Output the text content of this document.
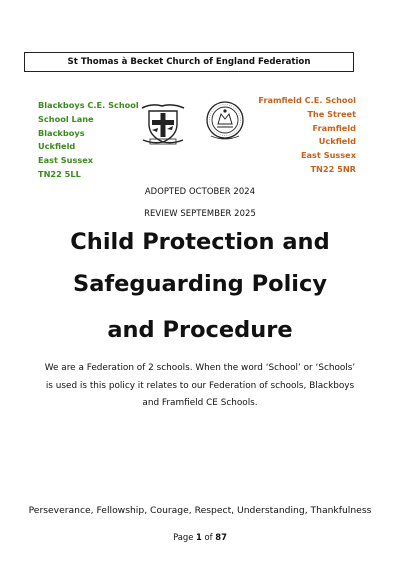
St Thomas à Becket Church of England Federation
Blackboys C.E. School
School Lane
Blackboys
Uckfield
East Sussex
TN22 5LL
Framfield C.E. School
The Street
Framfield
Uckfield
East Sussex
TN22 5NR
ADOPTED OCTOBER 2024
REVIEW SEPTEMBER 2025
Child Protection and
Safeguarding Policy
and Procedure
We are a Federation of 2 schools. When the word ‘School’ or ‘Schools’ is used is this policy it relates to our Federation of schools, Blackboys and Framfield CE Schools.
Perseverance, Fellowship, Courage, Respect, Understanding, Thankfulness
Page 1 of 87
